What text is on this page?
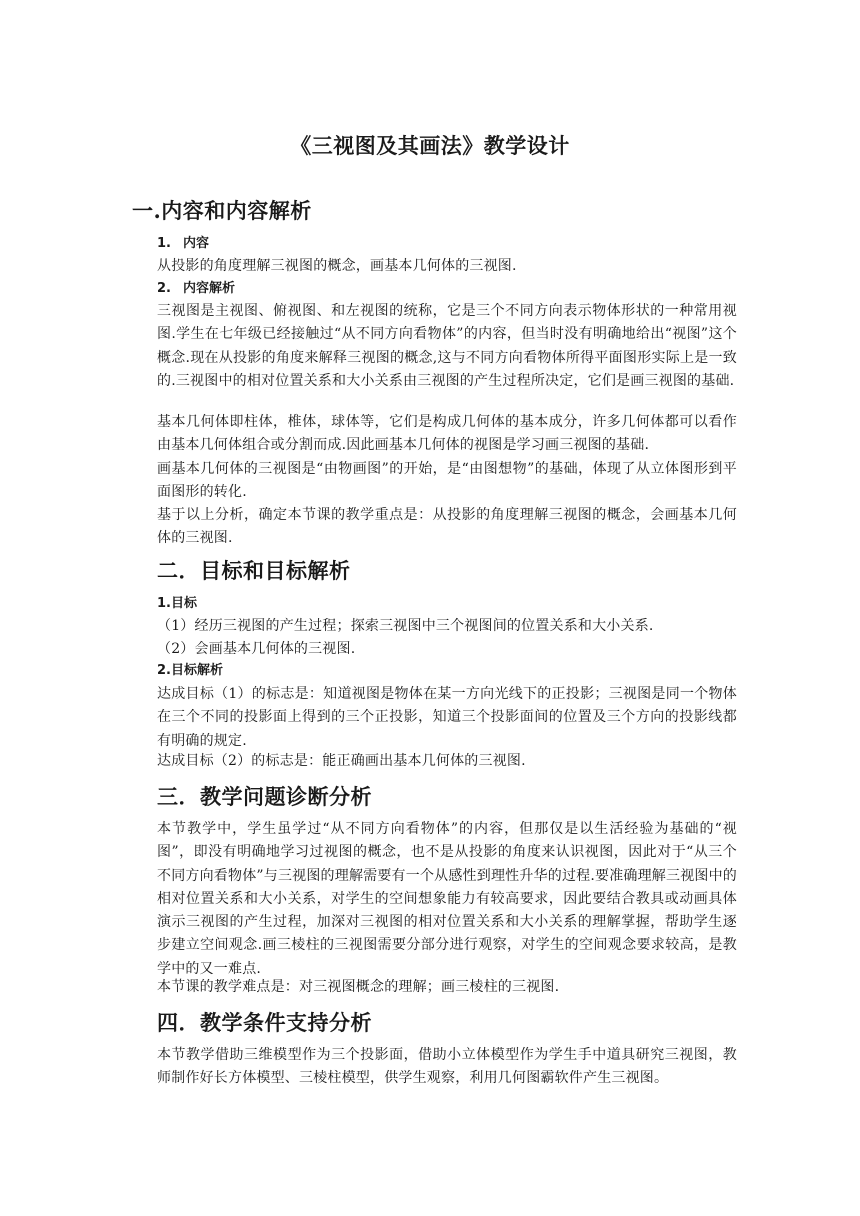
《三视图及其画法》教学设计
一.内容和内容解析
1. 内容

从投影的角度理解三视图的概念，画基本几何体的三视图.

2. 内容解析

三视图是主视图、俯视图、和左视图的统称，它是三个不同方向表示物体形状的一种常用视图.学生在七年级已经接触过“从不同方向看物体”的内容，但当时没有明确地给出“视图”这个概念.现在从投影的角度来解释三视图的概念,这与不同方向看物体所得平面图形实际上是一致的.三视图中的相对位置关系和大小关系由三视图的产生过程所决定，它们是画三视图的基础.

基本几何体即柱体，椎体，球体等，它们是构成几何体的基本成分，许多几何体都可以看作由基本几何体组合或分割而成.因此画基本几何体的视图是学习画三视图的基础.

画基本几何体的三视图是“由物画图”的开始，是“由图想物”的基础，体现了从立体图形到平面图形的转化.

基于以上分析，确定本节课的教学重点是：从投影的角度理解三视图的概念，会画基本几何体的三视图.

二．目标和目标解析
1.目标

（1）经历三视图的产生过程；探索三视图中三个视图间的位置关系和大小关系.

（2）会画基本几何体的三视图.

2.目标解析

达成目标（1）的标志是：知道视图是物体在某一方向光线下的正投影；三视图是同一个物体在三个不同的投影面上得到的三个正投影，知道三个投影面间的位置及三个方向的投影线都有明确的规定.

达成目标（2）的标志是：能正确画出基本几何体的三视图.

三．教学问题诊断分析

本节教学中，学生虽学过“从不同方向看物体”的内容，但那仅是以生活经验为基础的“视图”，即没有明确地学习过视图的概念，也不是从投影的角度来认识视图，因此对于“从三个不同方向看物体”与三视图的理解需要有一个从感性到理性升华的过程.要准确理解三视图中的相对位置关系和大小关系，对学生的空间想象能力有较高要求，因此要结合教具或动画具体演示三视图的产生过程，加深对三视图的相对位置关系和大小关系的理解掌握，帮助学生逐步建立空间观念.画三棱柱的三视图需要分部分进行观察，对学生的空间观念要求较高，是教学中的又一难点.

本节课的教学难点是：对三视图概念的理解；画三棱柱的三视图.

四．教学条件支持分析

本节教学借助三维模型作为三个投影面，借助小立体模型作为学生手中道具研究三视图，教师制作好长方体模型、三棱柱模型，供学生观察，利用几何图霸软件产生三视图。
